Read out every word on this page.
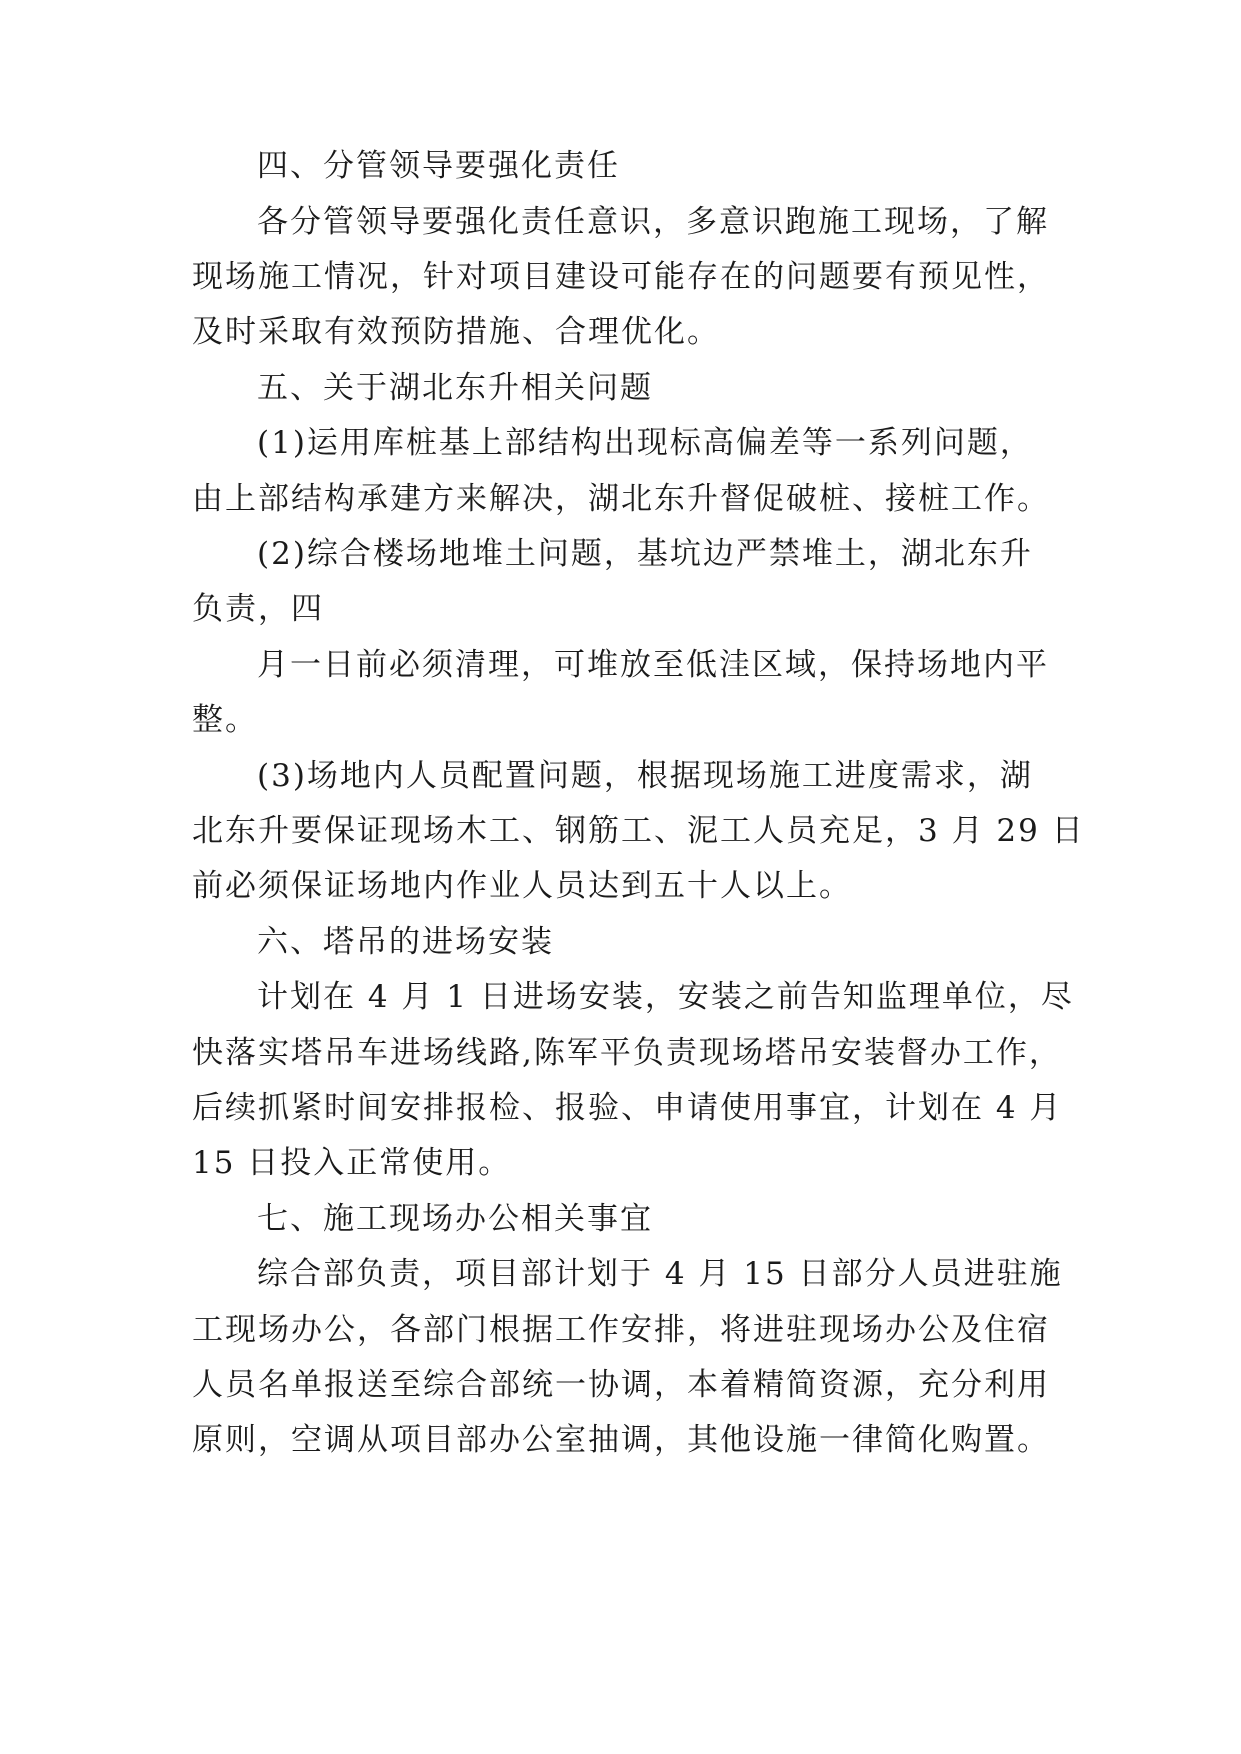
四、分管领导要强化责任
各分管领导要强化责任意识，多意识跑施工现场，了解
现场施工情况，针对项目建设可能存在的问题要有预见性，
及时采取有效预防措施、合理优化。
五、关于湖北东升相关问题
(1)运用库桩基上部结构出现标高偏差等一系列问题，
由上部结构承建方来解决，湖北东升督促破桩、接桩工作。
(2)综合楼场地堆土问题，基坑边严禁堆土，湖北东升
负责，四
月一日前必须清理，可堆放至低洼区域，保持场地内平
整。
(3)场地内人员配置问题，根据现场施工进度需求，湖
北东升要保证现场木工、钢筋工、泥工人员充足，3 月 29 日
前必须保证场地内作业人员达到五十人以上。
六、塔吊的进场安装
计划在 4 月 1 日进场安装，安装之前告知监理单位，尽
快落实塔吊车进场线路,陈军平负责现场塔吊安装督办工作，
后续抓紧时间安排报检、报验、申请使用事宜，计划在 4 月
15 日投入正常使用。
七、施工现场办公相关事宜
综合部负责，项目部计划于 4 月 15 日部分人员进驻施
工现场办公，各部门根据工作安排，将进驻现场办公及住宿
人员名单报送至综合部统一协调，本着精简资源，充分利用
原则，空调从项目部办公室抽调，其他设施一律简化购置。
